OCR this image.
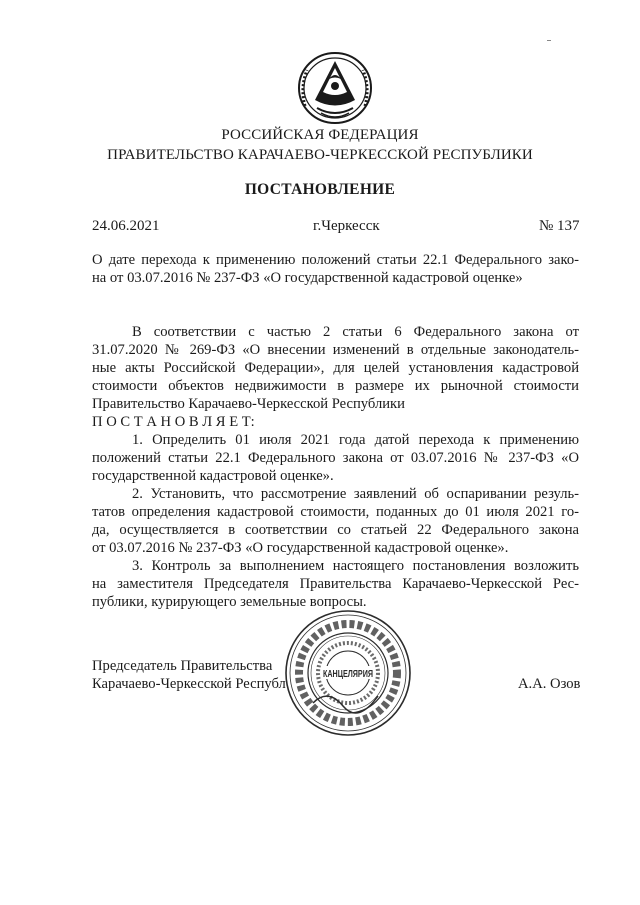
РОССИЙСКАЯ ФЕДЕРАЦИЯ
ПРАВИТЕЛЬСТВО КАРАЧАЕВО-ЧЕРКЕССКОЙ РЕСПУБЛИКИ
ПОСТАНОВЛЕНИЕ
24.06.2021	г.Черкесск	№ 137
О дате перехода к применению положений статьи 22.1 Федерального зако-
на от 03.07.2016 № 237-ФЗ «О государственной кадастровой оценке»
В соответствии с частью 2 статьи 6 Федерального закона от
31.07.2020 № 269-ФЗ «О внесении изменений в отдельные законодатель-
ные акты Российской Федерации», для целей установления кадастровой
стоимости объектов недвижимости в размере их рыночной стоимости
Правительство Карачаево-Черкесской Республики
П О С Т А Н О В Л Я Е Т:
1. Определить 01 июля 2021 года датой перехода к применению
положений статьи 22.1 Федерального закона от 03.07.2016 № 237-ФЗ «О
государственной кадастровой оценке».
2. Установить, что рассмотрение заявлений об оспаривании резуль-
татов определения кадастровой стоимости, поданных до 01 июля 2021 го-
да, осуществляется в соответствии со статьей 22 Федерального закона
от 03.07.2016 № 237-ФЗ «О государственной кадастровой оценке».
3. Контроль за выполнением настоящего постановления возложить
на заместителя Председателя Правительства Карачаево-Черкесской Рес-
публики, курирующего земельные вопросы.
Председатель Правительства
Карачаево-Черкесской Республ	А.А. Озов
КАНЦЕЛЯРИЯ
